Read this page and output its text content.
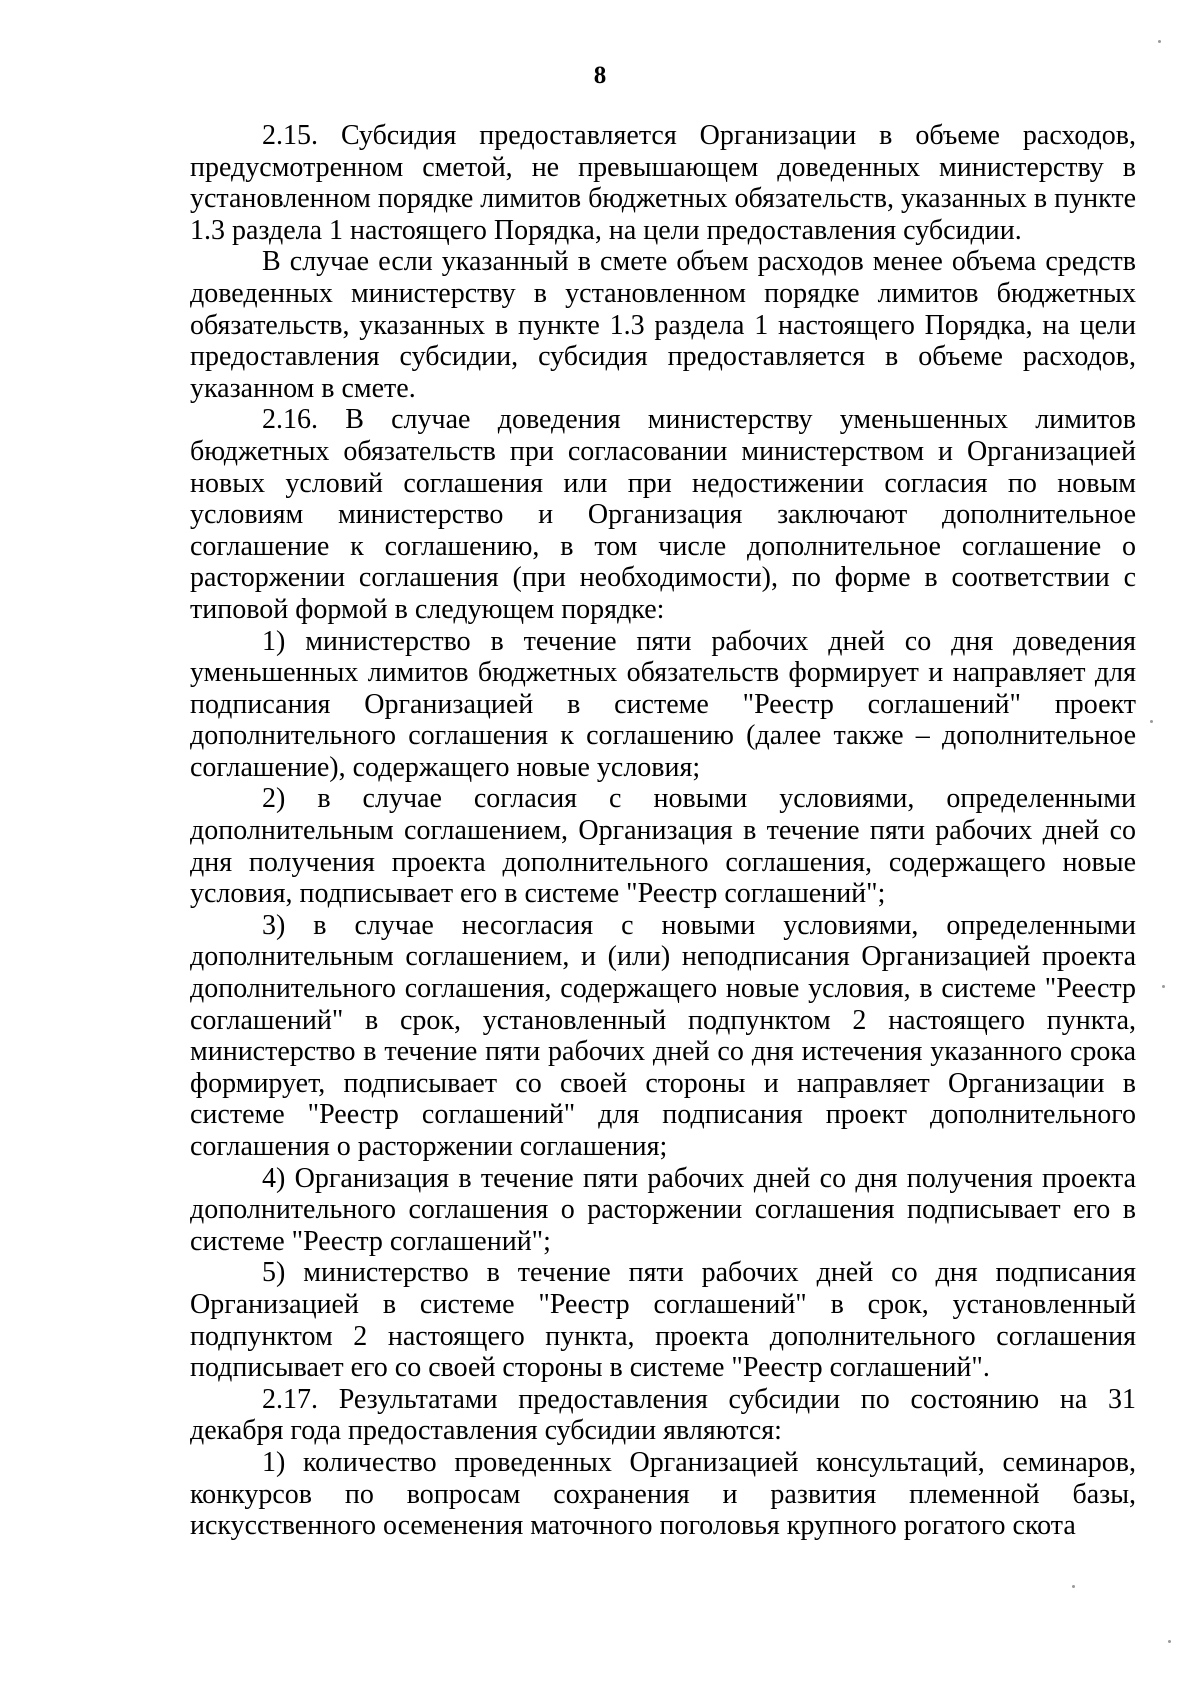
8

2.15. Субсидия предоставляется Организации в объеме расходов, предусмотренном сметой, не превышающем доведенных министерству в установленном порядке лимитов бюджетных обязательств, указанных в пункте 1.3 раздела 1 настоящего Порядка, на цели предоставления субсидии.

В случае если указанный в смете объем расходов менее объема средств доведенных министерству в установленном порядке лимитов бюджетных обязательств, указанных в пункте 1.3 раздела 1 настоящего Порядка, на цели предоставления субсидии, субсидия предоставляется в объеме расходов, указанном в смете.

2.16. В случае доведения министерству уменьшенных лимитов бюджетных обязательств при согласовании министерством и Организацией новых условий соглашения или при недостижении согласия по новым условиям министерство и Организация заключают дополнительное соглашение к соглашению, в том числе дополнительное соглашение о расторжении соглашения (при необходимости), по форме в соответствии с типовой формой в следующем порядке:

1) министерство в течение пяти рабочих дней со дня доведения уменьшенных лимитов бюджетных обязательств формирует и направляет для подписания Организацией в системе "Реестр соглашений" проект дополнительного соглашения к соглашению (далее также – дополнительное соглашение), содержащего новые условия;

2) в случае согласия с новыми условиями, определенными дополнительным соглашением, Организация в течение пяти рабочих дней со дня получения проекта дополнительного соглашения, содержащего новые условия, подписывает его в системе "Реестр соглашений";

3) в случае несогласия с новыми условиями, определенными дополнительным соглашением, и (или) неподписания Организацией проекта дополнительного соглашения, содержащего новые условия, в системе "Реестр соглашений" в срок, установленный подпунктом 2 настоящего пункта, министерство в течение пяти рабочих дней со дня истечения указанного срока формирует, подписывает со своей стороны и направляет Организации в системе "Реестр соглашений" для подписания проект дополнительного соглашения о расторжении соглашения;

4) Организация в течение пяти рабочих дней со дня получения проекта дополнительного соглашения о расторжении соглашения подписывает его в системе "Реестр соглашений";

5) министерство в течение пяти рабочих дней со дня подписания Организацией в системе "Реестр соглашений" в срок, установленный подпунктом 2 настоящего пункта, проекта дополнительного соглашения подписывает его со своей стороны в системе "Реестр соглашений".

2.17. Результатами предоставления субсидии по состоянию на 31 декабря года предоставления субсидии являются:

1) количество проведенных Организацией консультаций, семинаров, конкурсов по вопросам сохранения и развития племенной базы, искусственного осеменения маточного поголовья крупного рогатого скота
